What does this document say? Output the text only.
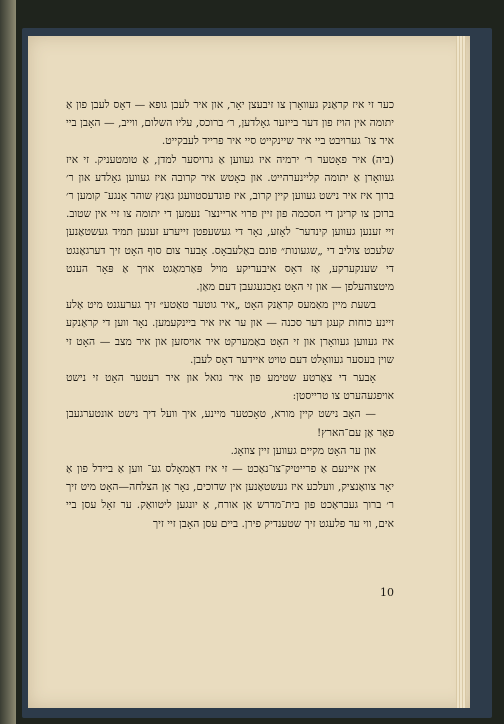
כער זי איז קראַנק געוואָרן צו זיבעצן יאָר, און איר לעבן גופא — דאָס לעבן פון אַ יתומה אין הויז פון דער בייזער גאָלדען, ר׳ ברוכס, עליו השלום, ווייב, — האָבן ביי איר צו־ גערויבט ביי איר שיינקייט סיי איר פרייד לעבקייט.

(ביה) איר פאָטער ר׳ ירמיה איז געווען אַ גרויסער למדן, אַ טומטעניק. זי איז געוואָרן אַ יתומה קליינערהייט. און כאָטש איר קרובה איז געווען גאָלדע און ר׳ ברוך איז איר נישט געווען קיין קרוב, איז פונדעסטוועגן גאַנץ שוהר אָנגע־ קומען ר׳ ברוכן צו קריגן די הסכמה פון זיין פרוי אריינצו־ נעמען די יתומה צו זיי אין שטוב. זיי זענען געווען קינדער־ לאָזע, נאָר די געשעפטן זייערע זענען תמיד געשטאַנען שלעכט צוליב די „שגעונות״ פונם באַלעבאָס. אָבער צום סוף האָט זיך דערגאַנגט די שענקערקע, אַז דאָס איבעריקע מויל פּאַרמאַגט אויך אַ פּאָר הענט מיטצוהעלפן — און זי האָט נאָכגעגעבן דעם מאַן.

בשעת מיין מאַמעס קראַנק האָט „איר גוטער טאַטע״ זיך גערעגנט מיט אַלע זיינע כוחות קעגן דער סכנה — און ער איז איר ביינקעמען. נאָר ווען די קראַנקע איז געווען געוואָרן און זי האָט באַמערקט איר אויסזען און איר מצב — האָט זי שוין בעסער געוואָלט דעם טויט איידער דאָס לעבן.

אָבער די צאַרטע שטימע פון איר גואל און איר רעטער האָט זי נישט אויפגעהערט צו טרייסטן:

— האָב נישט קיין מורא, טאָכטער מיינע, איך וועל דיך נישט אונטערגעבן פאַר אַן עם־הארץ!

און ער האָט מקיים געווען זיין צוזאָג.

אין איינעם אַ פרייטיק־צו־נאַכט — זי איז דאַמאָלס גע־ ווען אַ ביידל פון אַ יאָר צוואַנציק, וועלכע איז געשטאַנען אין שדוכים, נאָר אָן הצלחה—האָט מיט זיך ר׳ ברוך געבראַכט פון בית־מדרש אַן אורח, אַ יונגען ליטוואַק. ער זאָל עסן ביי אים, ווי ער פלעגט זיך שטענדיק פירן. ביים עסן האָבן זיי זיך

10
